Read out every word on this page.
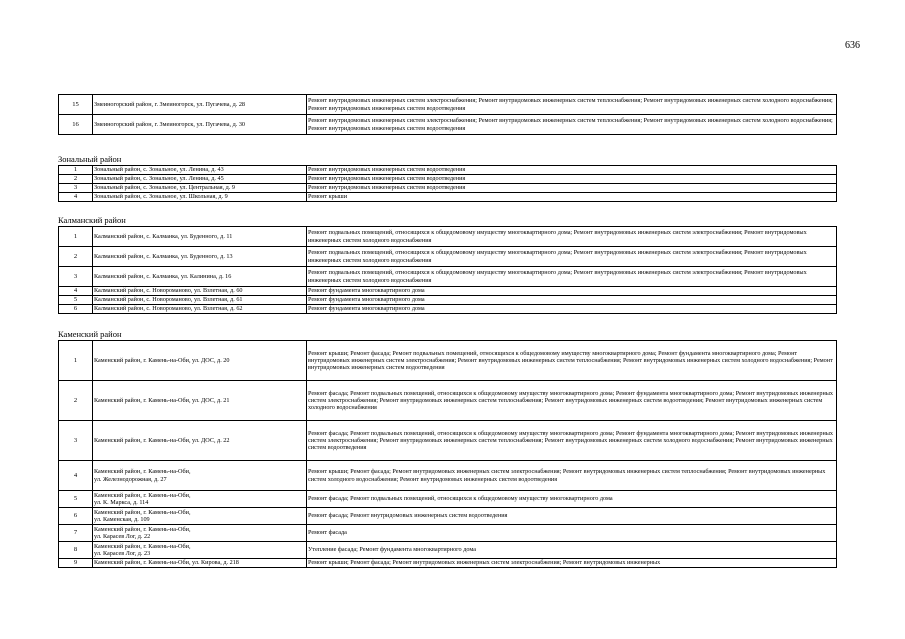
636
15	Змеиногорский район, г. Змеиногорск, ул. Пугачева, д. 28	Ремонт внутридомовых инженерных систем электроснабжения; Ремонт внутридомовых инженерных систем теплоснабжения; Ремонт внутридомовых инженерных систем холодного водоснабжения; Ремонт внутридомовых инженерных систем водоотведения
16	Змеиногорский район, г. Змеиногорск, ул. Пугачева, д. 30	Ремонт внутридомовых инженерных систем электроснабжения; Ремонт внутридомовых инженерных систем теплоснабжения; Ремонт внутридомовых инженерных систем холодного водоснабжения; Ремонт внутридомовых инженерных систем водоотведения
Зональный район
1	Зональный район, с. Зональное, ул. Ленина, д. 43	Ремонт внутридомовых инженерных систем водоотведения
2	Зональный район, с. Зональное, ул. Ленина, д. 45	Ремонт внутридомовых инженерных систем водоотведения
3	Зональный район, с. Зональное, ул. Центральная, д. 9	Ремонт внутридомовых инженерных систем водоотведения
4	Зональный район, с. Зональное, ул. Школьная, д. 9	Ремонт крыши
Калманский район
1	Калманский район, с. Калманка, ул. Буденного, д. 11	Ремонт подвальных помещений, относящихся к общедомовому имуществу многоквартирного дома; Ремонт внутридомовых инженерных систем электроснабжения; Ремонт внутридомовых инженерных систем холодного водоснабжения
2	Калманский район, с. Калманка, ул. Буденного, д. 13	Ремонт подвальных помещений, относящихся к общедомовому имуществу многоквартирного дома; Ремонт внутридомовых инженерных систем электроснабжения; Ремонт внутридомовых инженерных систем холодного водоснабжения
3	Калманский район, с. Калманка, ул. Калинина, д. 16	Ремонт подвальных помещений, относящихся к общедомовому имуществу многоквартирного дома; Ремонт внутридомовых инженерных систем электроснабжения; Ремонт внутридомовых инженерных систем холодного водоснабжения
4	Калманский район, с. Новороманово, ул. Взлетная, д. 60	Ремонт фундамента многоквартирного дома
5	Калманский район, с. Новороманово, ул. Взлетная, д. 61	Ремонт фундамента многоквартирного дома
6	Калманский район, с. Новороманово, ул. Взлетная, д. 62	Ремонт фундамента многоквартирного дома
Каменский район
1	Каменский район, г. Камень-на-Оби, ул. ДОС, д. 20	Ремонт крыши; Ремонт фасада; Ремонт подвальных помещений, относящихся к общедомовому имуществу многоквартирного дома; Ремонт фундамента многоквартирного дома; Ремонт внутридомовых инженерных систем электроснабжения; Ремонт внутридомовых инженерных систем теплоснабжения; Ремонт внутридомовых инженерных систем холодного водоснабжения; Ремонт внутридомовых инженерных систем водоотведения
2	Каменский район, г. Камень-на-Оби, ул. ДОС, д. 21	Ремонт фасада; Ремонт подвальных помещений, относящихся к общедомовому имуществу многоквартирного дома; Ремонт фундамента многоквартирного дома; Ремонт внутридомовых инженерных систем электроснабжения; Ремонт внутридомовых инженерных систем теплоснабжения; Ремонт внутридомовых инженерных систем водоотведения; Ремонт внутридомовых инженерных систем холодного водоснабжения
3	Каменский район, г. Камень-на-Оби, ул. ДОС, д. 22	Ремонт фасада; Ремонт подвальных помещений, относящихся к общедомовому имуществу многоквартирного дома; Ремонт фундамента многоквартирного дома; Ремонт внутридомовых инженерных систем электроснабжения; Ремонт внутридомовых инженерных систем теплоснабжения; Ремонт внутридомовых инженерных систем холодного водоснабжения; Ремонт внутридомовых инженерных систем водоотведения
4	Каменский район, г. Камень-на-Оби,
ул. Железнодорожная, д. 27	Ремонт крыши; Ремонт фасада; Ремонт внутридомовых инженерных систем электроснабжения; Ремонт внутридомовых инженерных систем теплоснабжения; Ремонт внутридомовых инженерных систем холодного водоснабжения; Ремонт внутридомовых инженерных систем водоотведения
5	Каменский район, г. Камень-на-Оби,
ул. К. Маркса, д. 114	Ремонт фасада; Ремонт подвальных помещений, относящихся к общедомовому имуществу многоквартирного дома
6	Каменский район, г. Камень-на-Оби,
ул. Каменская, д. 109	Ремонт фасада; Ремонт внутридомовых инженерных систем водоотведения
7	Каменский район, г. Камень-на-Оби,
ул. Карасев Лог, д. 22	Ремонт фасада
8	Каменский район, г. Камень-на-Оби,
ул. Карасев Лог, д. 23	Утепление фасада; Ремонт фундамента многоквартирного дома
9	Каменский район, г. Камень-на-Оби, ул. Кирова, д. 218	Ремонт крыши; Ремонт фасада; Ремонт внутридомовых инженерных систем электроснабжения; Ремонт внутридомовых инженерных
